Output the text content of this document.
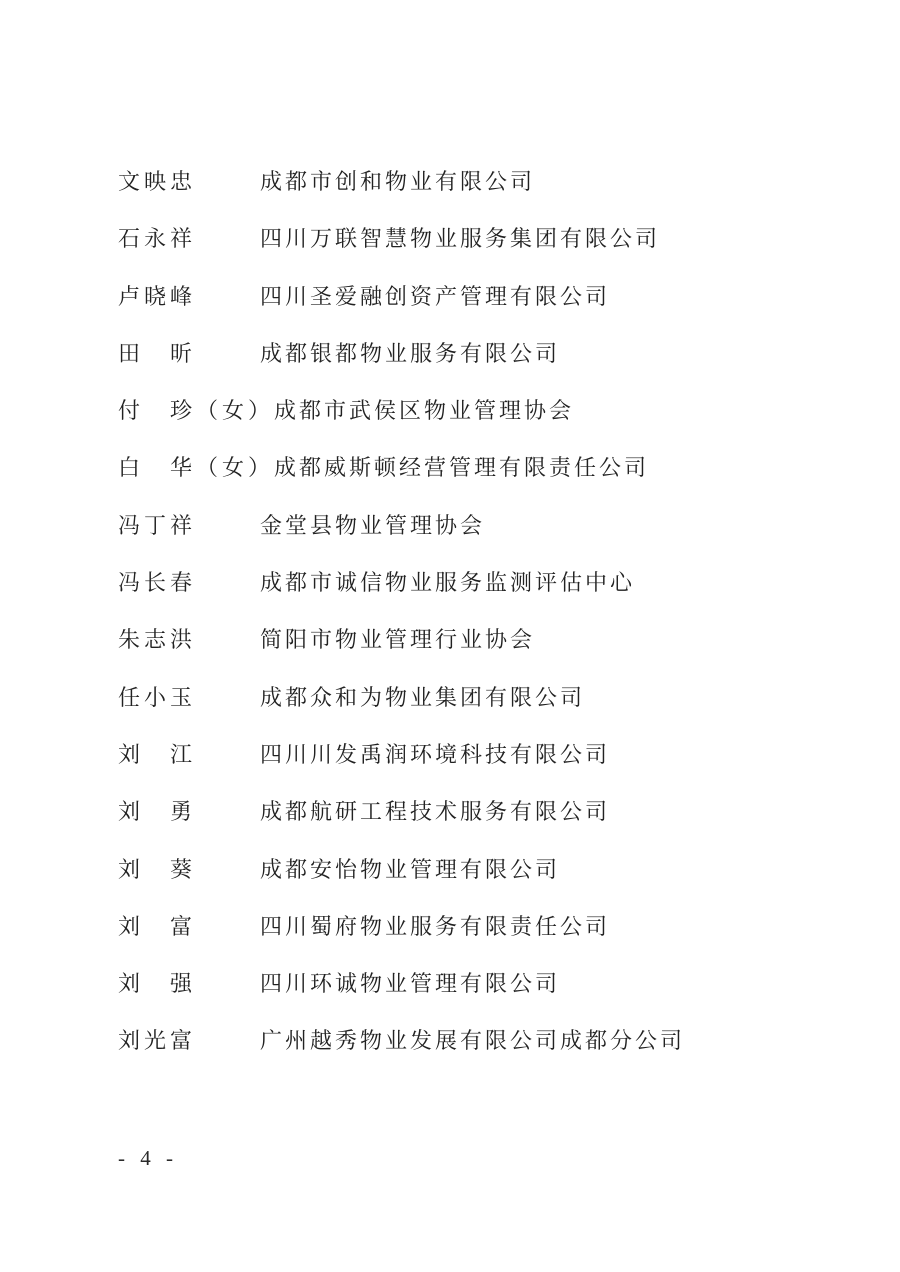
文映忠	成都市创和物业有限公司
石永祥	四川万联智慧物业服务集团有限公司
卢晓峰	四川圣爱融创资产管理有限公司
田　昕	成都银都物业服务有限公司
付　珍（女） 成都市武侯区物业管理协会
白　华（女） 成都威斯顿经营管理有限责任公司
冯丁祥	金堂县物业管理协会
冯长春	成都市诚信物业服务监测评估中心
朱志洪	简阳市物业管理行业协会
任小玉	成都众和为物业集团有限公司
刘　江	四川川发禹润环境科技有限公司
刘　勇	成都航研工程技术服务有限公司
刘　葵	成都安怡物业管理有限公司
刘　富	四川蜀府物业服务有限责任公司
刘　强	四川环诚物业管理有限公司
刘光富	广州越秀物业发展有限公司成都分公司
- 4 -
